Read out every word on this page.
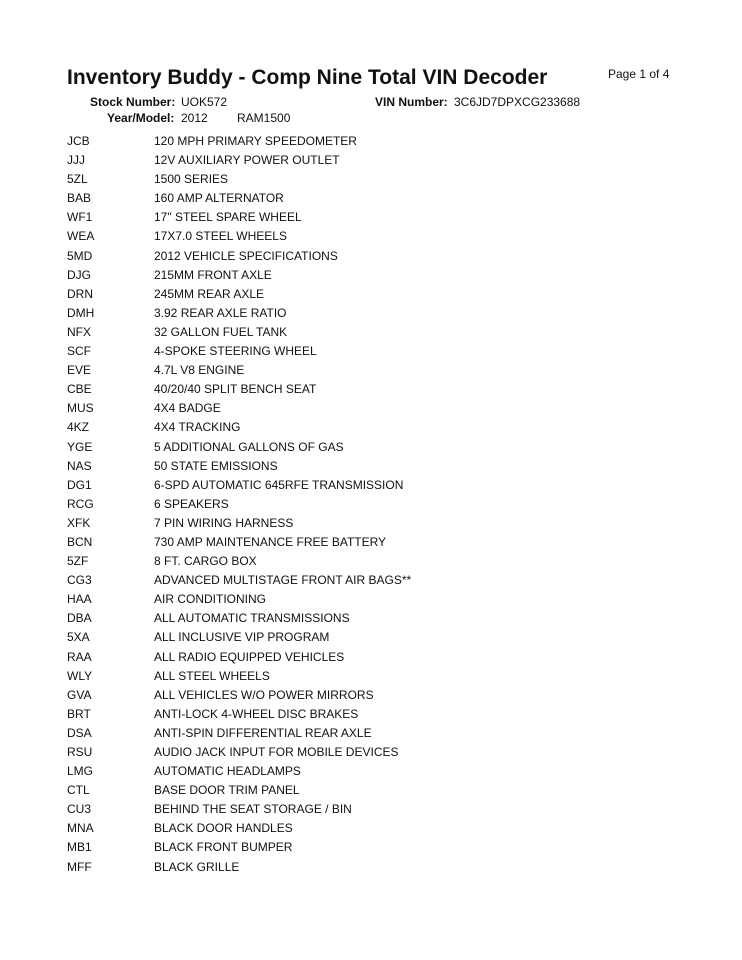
Inventory Buddy - Comp Nine Total VIN Decoder	Page 1 of 4
Stock Number: UOK572	VIN Number: 3C6JD7DPXCG233688
Year/Model: 2012 RAM1500
JCB	120 MPH PRIMARY SPEEDOMETER
JJJ	12V AUXILIARY POWER OUTLET
5ZL	1500 SERIES
BAB	160 AMP ALTERNATOR
WF1	17" STEEL SPARE WHEEL
WEA	17X7.0 STEEL WHEELS
5MD	2012 VEHICLE SPECIFICATIONS
DJG	215MM FRONT AXLE
DRN	245MM REAR AXLE
DMH	3.92 REAR AXLE RATIO
NFX	32 GALLON FUEL TANK
SCF	4-SPOKE STEERING WHEEL
EVE	4.7L V8 ENGINE
CBE	40/20/40 SPLIT BENCH SEAT
MUS	4X4 BADGE
4KZ	4X4 TRACKING
YGE	5 ADDITIONAL GALLONS OF GAS
NAS	50 STATE EMISSIONS
DG1	6-SPD AUTOMATIC 645RFE TRANSMISSION
RCG	6 SPEAKERS
XFK	7 PIN WIRING HARNESS
BCN	730 AMP MAINTENANCE FREE BATTERY
5ZF	8 FT. CARGO BOX
CG3	ADVANCED MULTISTAGE FRONT AIR BAGS**
HAA	AIR CONDITIONING
DBA	ALL AUTOMATIC TRANSMISSIONS
5XA	ALL INCLUSIVE VIP PROGRAM
RAA	ALL RADIO EQUIPPED VEHICLES
WLY	ALL STEEL WHEELS
GVA	ALL VEHICLES W/O POWER MIRRORS
BRT	ANTI-LOCK 4-WHEEL DISC BRAKES
DSA	ANTI-SPIN DIFFERENTIAL REAR AXLE
RSU	AUDIO JACK INPUT FOR MOBILE DEVICES
LMG	AUTOMATIC HEADLAMPS
CTL	BASE DOOR TRIM PANEL
CU3	BEHIND THE SEAT STORAGE / BIN
MNA	BLACK DOOR HANDLES
MB1	BLACK FRONT BUMPER
MFF	BLACK GRILLE
